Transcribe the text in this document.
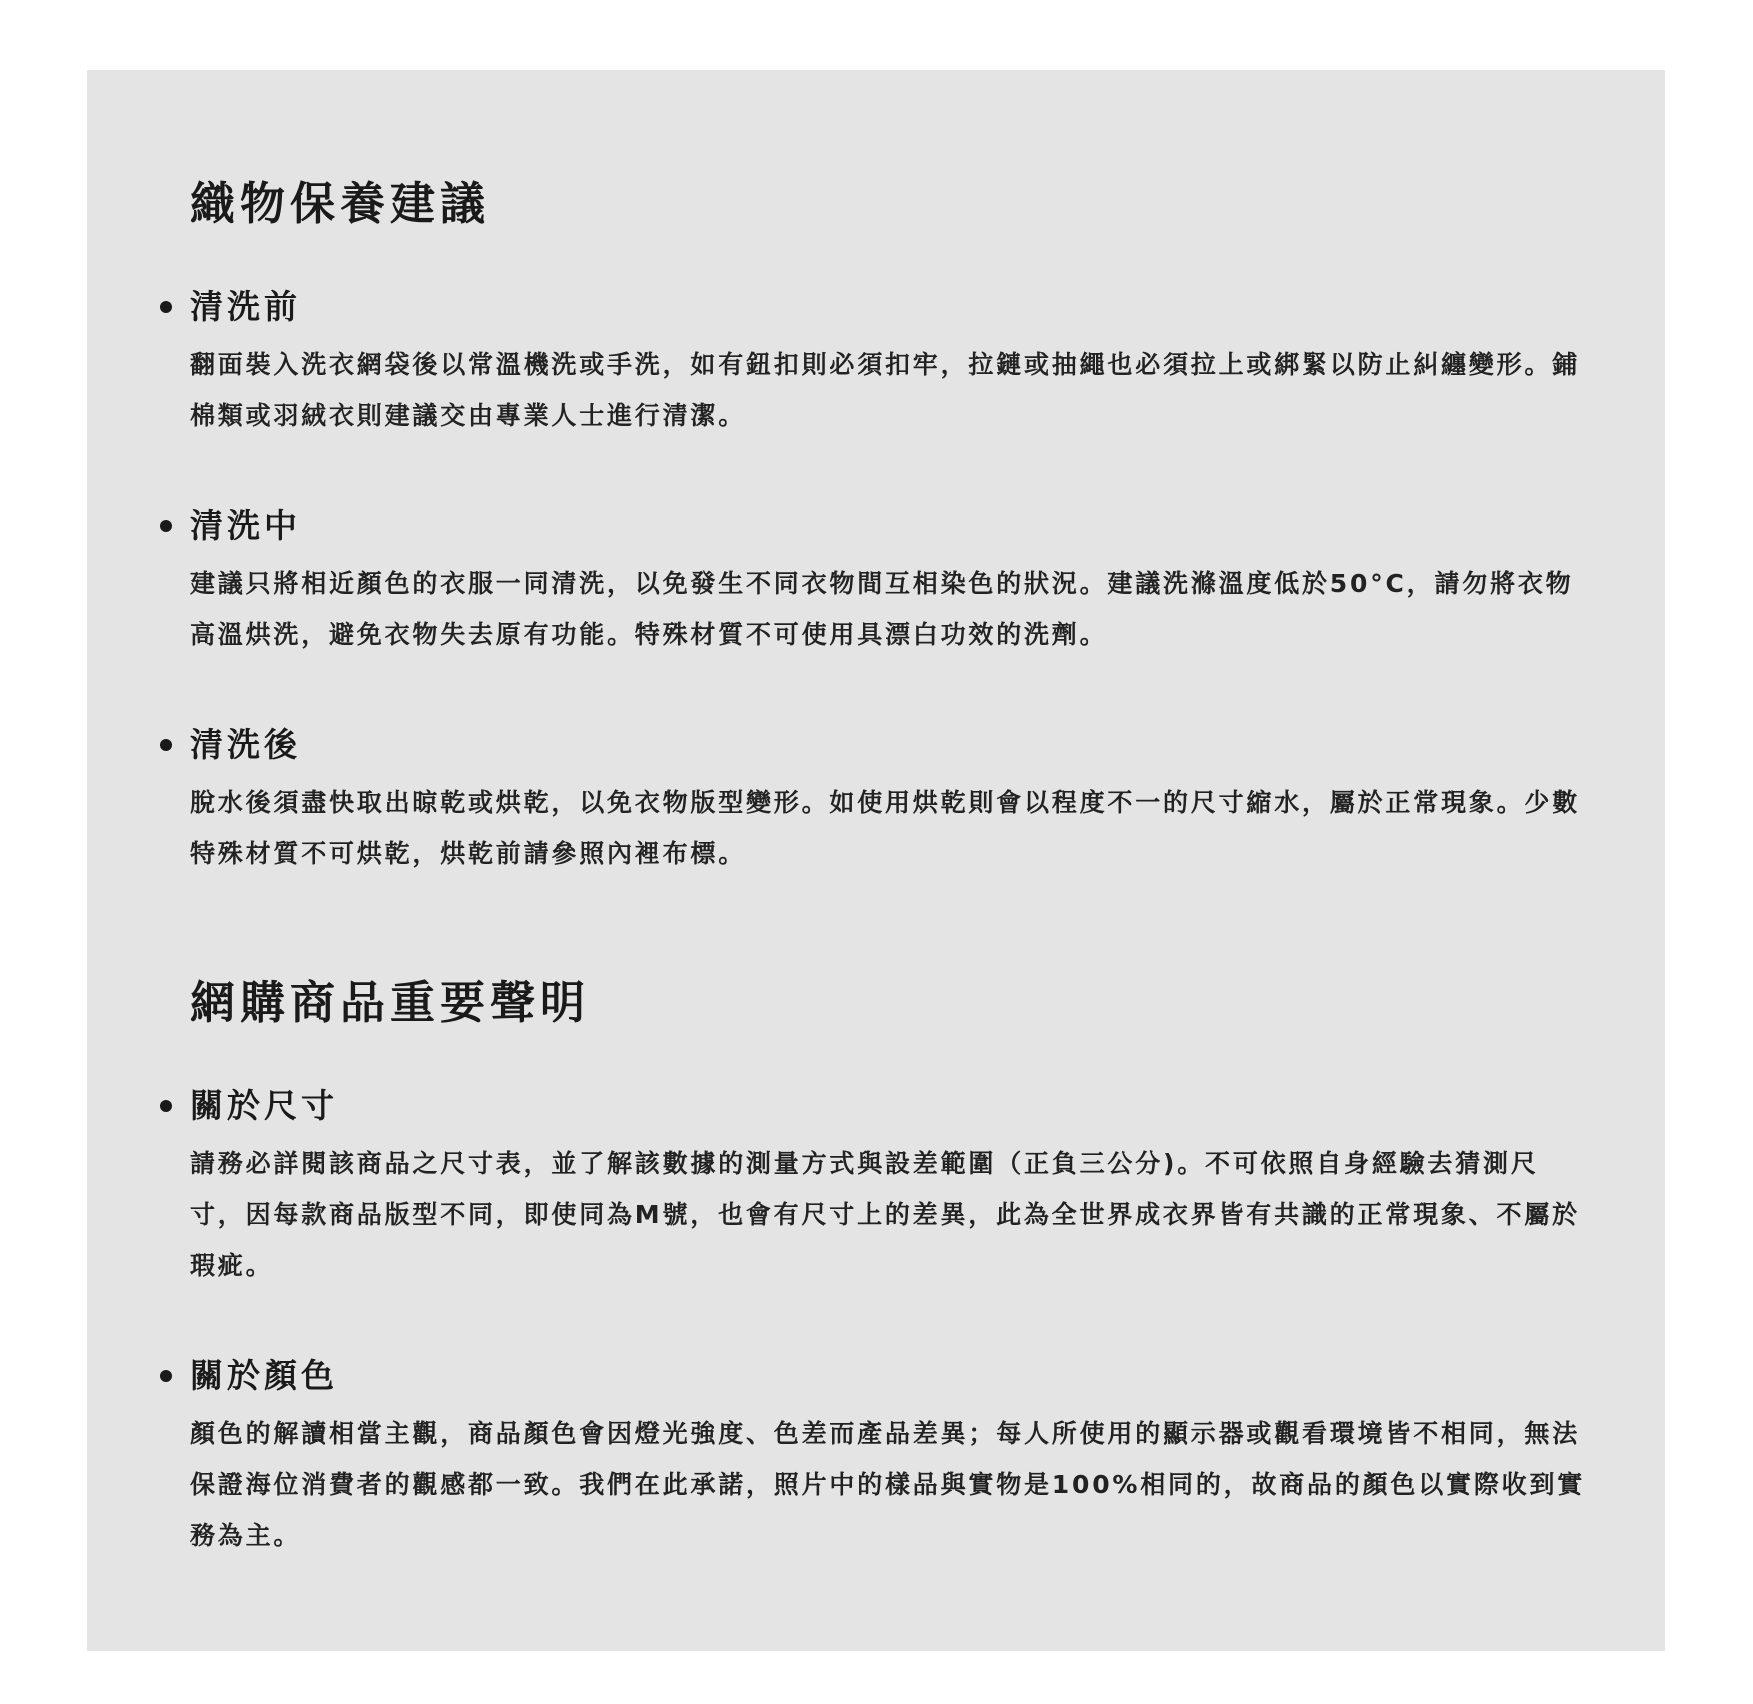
織物保養建議
清洗前

翻面裝入洗衣網袋後以常溫機洗或手洗，如有鈕扣則必須扣牢，拉鏈或抽繩也必須拉上或綁緊以防止糾纏變形。鋪棉類或羽絨衣則建議交由專業人士進行清潔。

清洗中

建議只將相近顏色的衣服一同清洗，以免發生不同衣物間互相染色的狀況。建議洗滌溫度低於50°C，請勿將衣物高溫烘洗，避免衣物失去原有功能。特殊材質不可使用具漂白功效的洗劑。

清洗後

脫水後須盡快取出晾乾或烘乾，以免衣物版型變形。如使用烘乾則會以程度不一的尺寸縮水，屬於正常現象。少數特殊材質不可烘乾，烘乾前請參照內裡布標。

網購商品重要聲明
關於尺寸

請務必詳閱該商品之尺寸表，並了解該數據的測量方式與設差範圍（正負三公分)。不可依照自身經驗去猜測尺寸，因每款商品版型不同，即使同為M號，也會有尺寸上的差異，此為全世界成衣界皆有共識的正常現象、不屬於瑕疵。

關於顏色

顏色的解讀相當主觀，商品顏色會因燈光強度、色差而產品差異；每人所使用的顯示器或觀看環境皆不相同，無法保證海位消費者的觀感都一致。我們在此承諾，照片中的樣品與實物是100%相同的，故商品的顏色以實際收到實務為主。
